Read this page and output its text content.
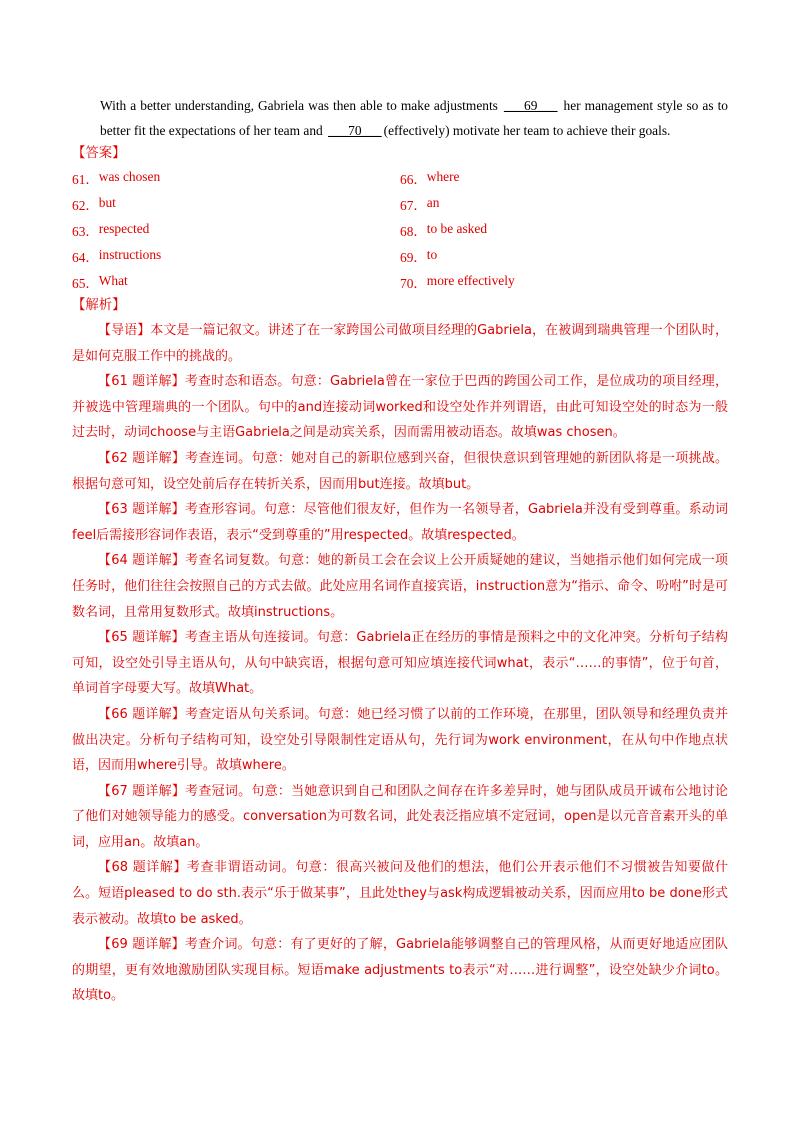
With a better understanding, Gabriela was then able to make adjustments ___69___ her management style so as to better fit the expectations of her team and ___70___ (effectively) motivate her team to achieve their goals.
【答案】
61． was chosen	66． where
62． but	67． an
63． respected	68． to be asked
64． instructions	69． to
65． What	70． more effectively
【解析】

【导语】本文是一篇记叙文。讲述了在一家跨国公司做项目经理的Gabriela，在被调到瑞典管理一个团队时，是如何克服工作中的挑战的。

【61 题详解】考查时态和语态。句意：Gabriela曾在一家位于巴西的跨国公司工作，是位成功的项目经理，并被选中管理瑞典的一个团队。句中的and连接动词worked和设空处作并列谓语，由此可知设空处的时态为一般过去时，动词choose与主语Gabriela之间是动宾关系，因而需用被动语态。故填was chosen。

【62 题详解】考查连词。句意：她对自己的新职位感到兴奋，但很快意识到管理她的新团队将是一项挑战。根据句意可知，设空处前后存在转折关系，因而用but连接。故填but。

【63 题详解】考查形容词。句意：尽管他们很友好，但作为一名领导者，Gabriela并没有受到尊重。系动词feel后需接形容词作表语，表示“受到尊重的”用respected。故填respected。

【64 题详解】考查名词复数。句意：她的新员工会在会议上公开质疑她的建议，当她指示他们如何完成一项任务时，他们往往会按照自己的方式去做。此处应用名词作直接宾语，instruction意为“指示、命令、吩咐”时是可数名词，且常用复数形式。故填instructions。

【65 题详解】考查主语从句连接词。句意：Gabriela正在经历的事情是预料之中的文化冲突。分析句子结构可知，设空处引导主语从句，从句中缺宾语，根据句意可知应填连接代词what，表示“……的事情”，位于句首，单词首字母要大写。故填What。

【66 题详解】考查定语从句关系词。句意：她已经习惯了以前的工作环境，在那里，团队领导和经理负责并做出决定。分析句子结构可知，设空处引导限制性定语从句，先行词为work environment，在从句中作地点状语，因而用where引导。故填where。

【67 题详解】考查冠词。句意：当她意识到自己和团队之间存在许多差异时，她与团队成员开诚布公地讨论了他们对她领导能力的感受。conversation为可数名词，此处表泛指应填不定冠词，open是以元音音素开头的单词，应用an。故填an。

【68 题详解】考查非谓语动词。句意：很高兴被问及他们的想法，他们公开表示他们不习惯被告知要做什么。短语pleased to do sth.表示“乐于做某事”，且此处they与ask构成逻辑被动关系，因而应用to be done形式表示被动。故填to be asked。

【69 题详解】考查介词。句意：有了更好的了解，Gabriela能够调整自己的管理风格，从而更好地适应团队的期望，更有效地激励团队实现目标。短语make adjustments to表示“对……进行调整”，设空处缺少介词to。故填to。
